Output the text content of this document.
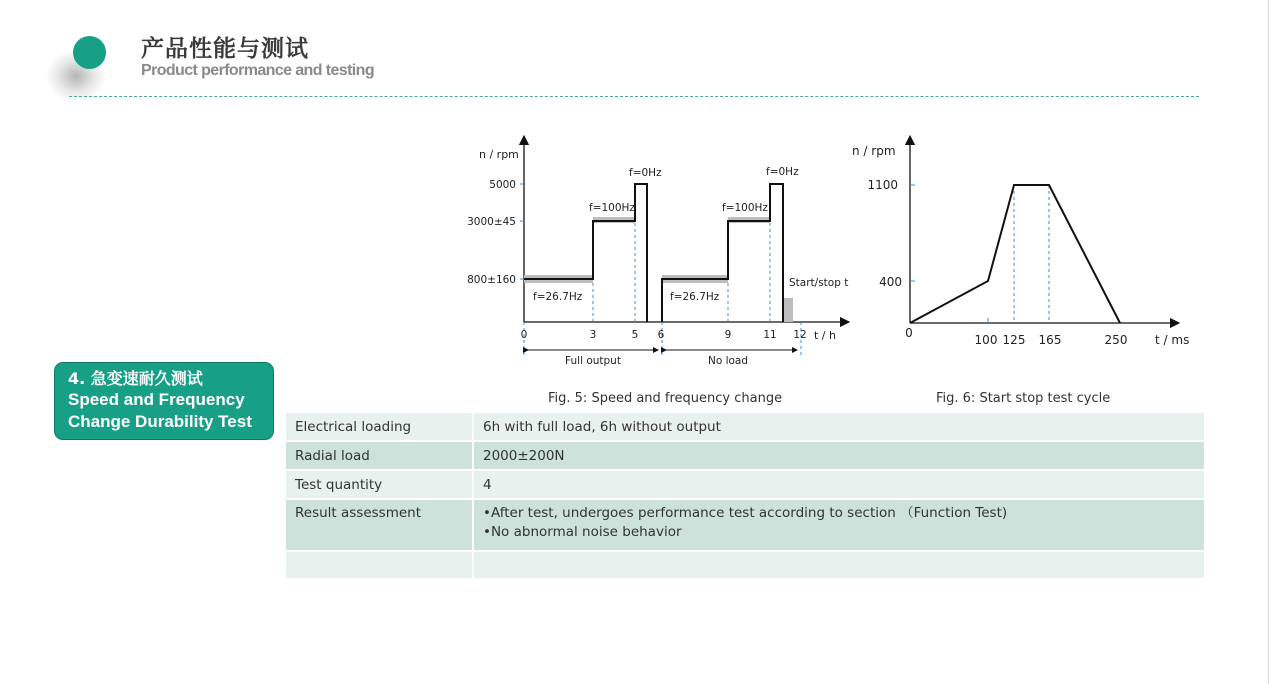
产品性能与测试
Product performance and testing
4. 急变速耐久测试
Speed and Frequency
Change Durability Test
n / rpm
t / h
5000
3000±45
800±160
0	3	5 6	9	11 12
f=26.7Hz
f=100Hz
f=0Hz
f=26.7Hz
f=100Hz
f=0Hz
Start/stop t
Full output	No load
Fig. 5: Speed and frequency change
n / rpm
t / ms
1100
400
0	100 125 165	250
Fig. 6: Start stop test cycle
Electrical loading	6h with full load, 6h without output
Radial load	2000±200N
Test quantity	4
Result assessment	•After test, undergoes performance test according to section （Function Test)
•No abnormal noise behavior
